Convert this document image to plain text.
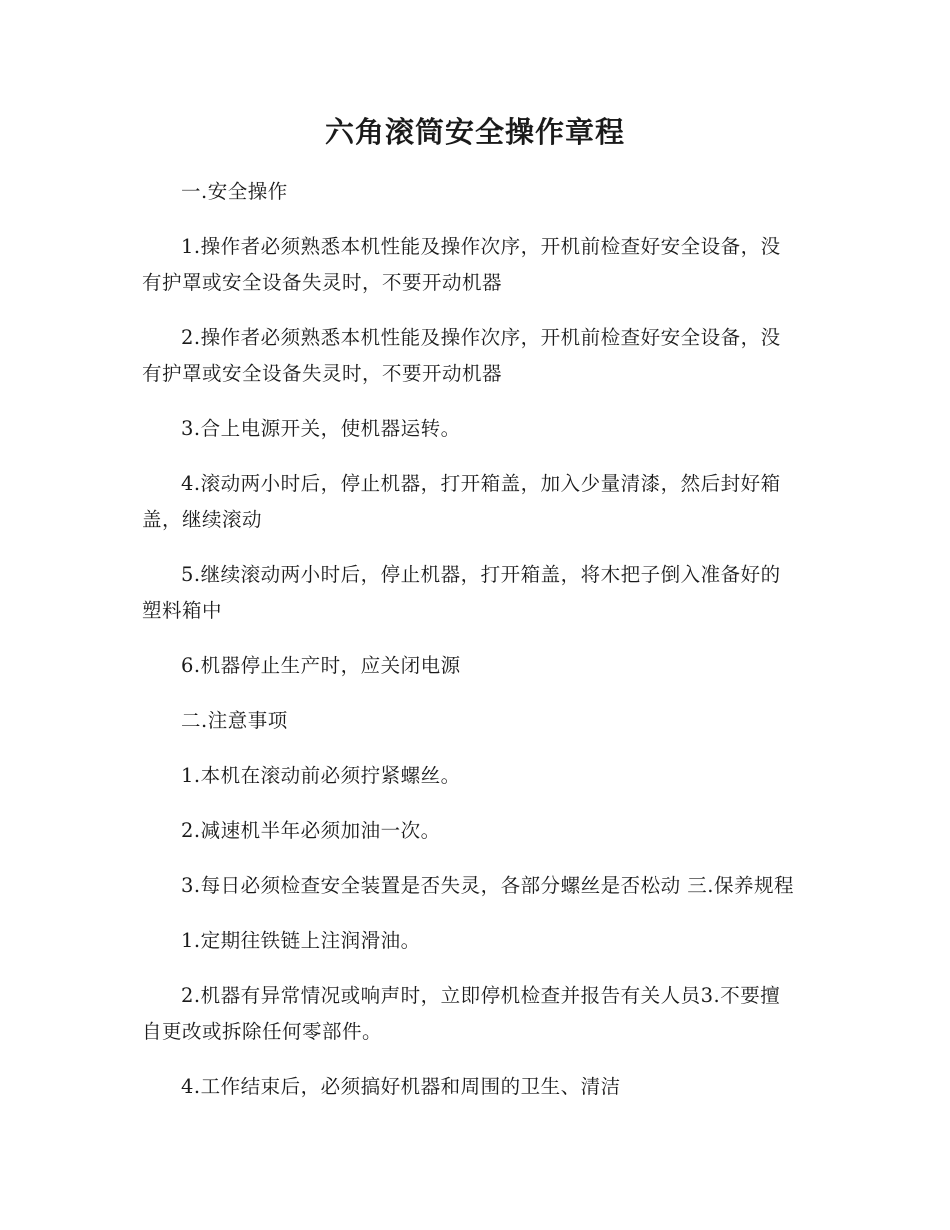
六角滚筒安全操作章程

一.安全操作

1.操作者必须熟悉本机性能及操作次序，开机前检查好安全设备，没有护罩或安全设备失灵时，不要开动机器

2.操作者必须熟悉本机性能及操作次序，开机前检查好安全设备，没有护罩或安全设备失灵时，不要开动机器

3.合上电源开关，使机器运转。

4.滚动两小时后，停止机器，打开箱盖，加入少量清漆，然后封好箱盖，继续滚动

5.继续滚动两小时后，停止机器，打开箱盖，将木把子倒入准备好的塑料箱中

6.机器停止生产时，应关闭电源

二.注意事项

1.本机在滚动前必须拧紧螺丝。

2.减速机半年必须加油一次。

3.每日必须检查安全装置是否失灵，各部分螺丝是否松动 三.保养规程

1.定期往铁链上注润滑油。

2.机器有异常情况或响声时，立即停机检查并报告有关人员3.不要擅自更改或拆除任何零部件。

4.工作结束后，必须搞好机器和周围的卫生、清洁
